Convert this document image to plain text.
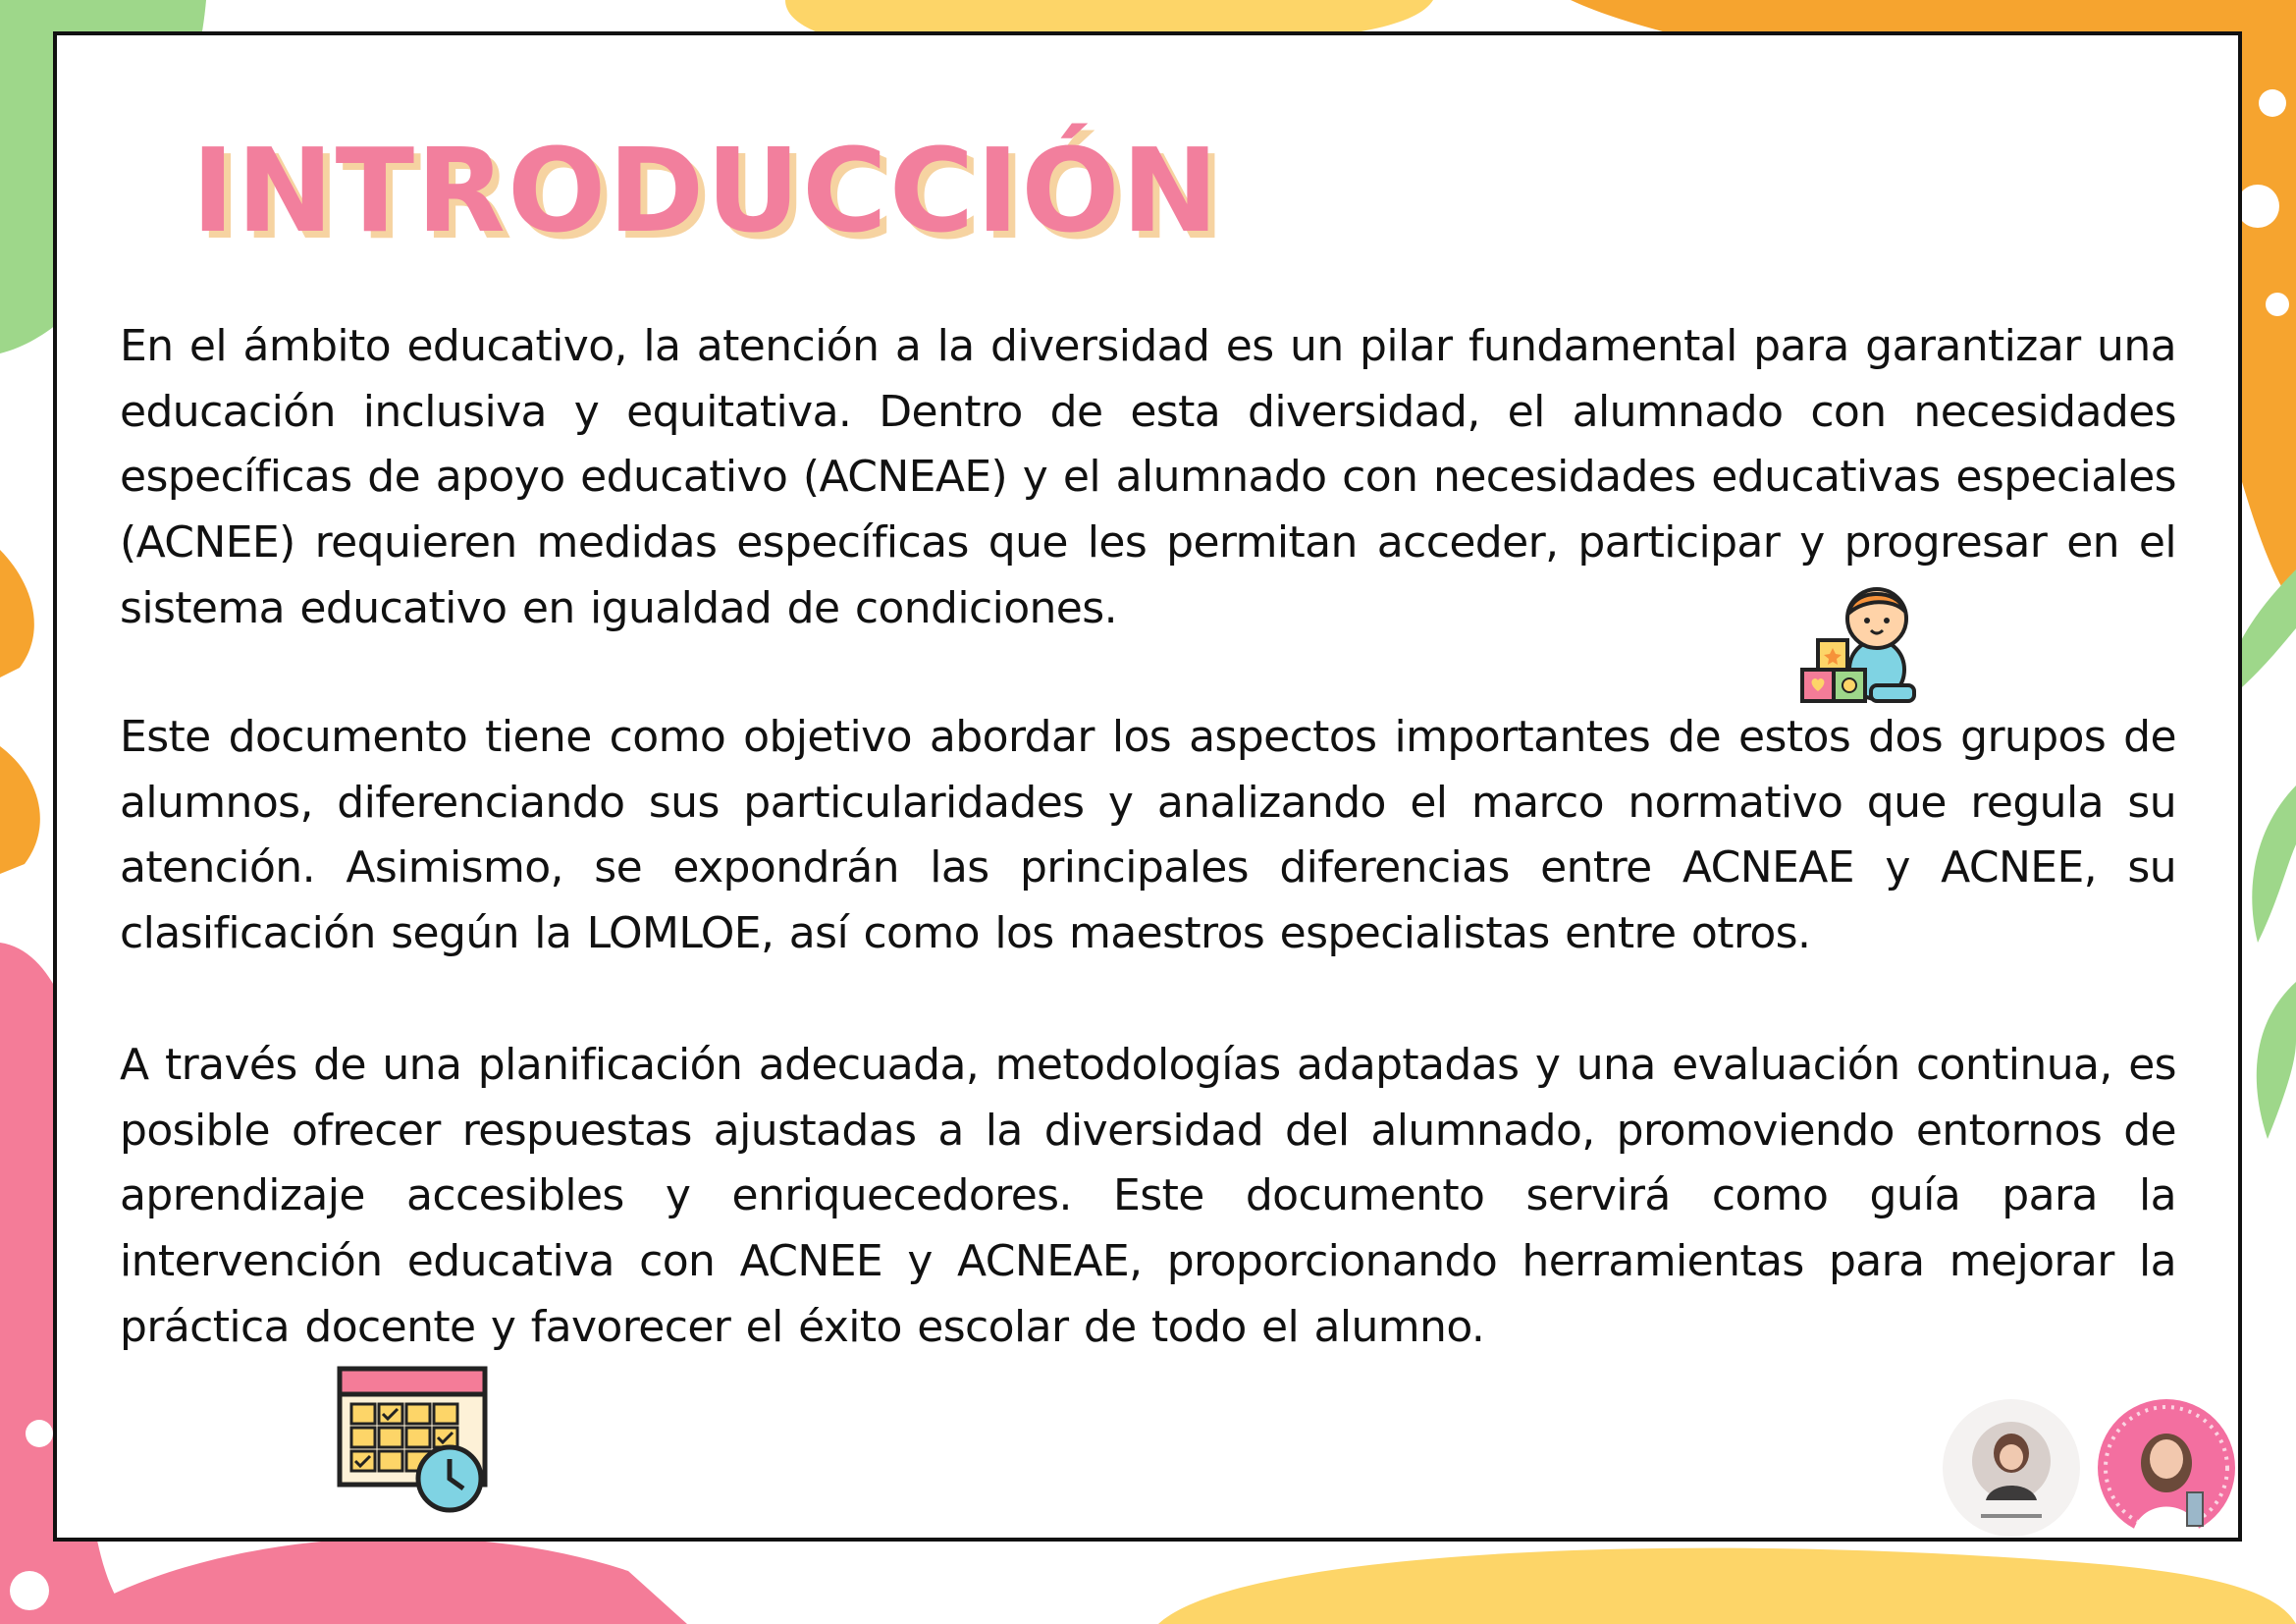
INTRODUCCIÓN

En el ámbito educativo, la atención a la diversidad es un pilar fundamental para garantizar una educación inclusiva y equitativa. Dentro de esta diversidad, el alumnado con necesidades específicas de apoyo educativo (ACNEAE) y el alumnado con necesidades educativas especiales (ACNEE) requieren medidas específicas que les permitan acceder, participar y progresar en el sistema educativo en igualdad de condiciones.

Este documento tiene como objetivo abordar los aspectos importantes de estos dos grupos de alumnos, diferenciando sus particularidades y analizando el marco normativo que regula su atención. Asimismo, se expondrán las principales diferencias entre ACNEAE y ACNEE, su clasificación según la LOMLOE, así como los maestros especialistas entre otros.

A través de una planificación adecuada, metodologías adaptadas y una evaluación continua, es posible ofrecer respuestas ajustadas a la diversidad del alumnado, promoviendo entornos de aprendizaje accesibles y enriquecedores. Este documento servirá como guía para la intervención educativa con ACNEE y ACNEAE, proporcionando herramientas para mejorar la práctica docente y favorecer el éxito escolar de todo el alumno.
